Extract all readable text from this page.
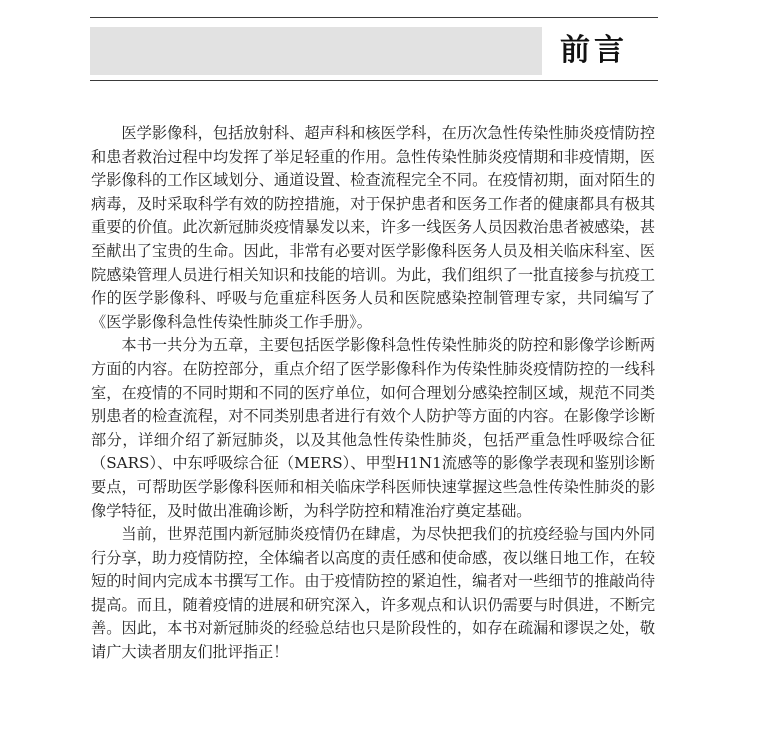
前言

医学影像科，包括放射科、超声科和核医学科，在历次急性传染性肺炎疫情防控和患者救治过程中均发挥了举足轻重的作用。急性传染性肺炎疫情期和非疫情期，医学影像科的工作区域划分、通道设置、检查流程完全不同。在疫情初期，面对陌生的病毒，及时采取科学有效的防控措施，对于保护患者和医务工作者的健康都具有极其重要的价值。此次新冠肺炎疫情暴发以来，许多一线医务人员因救治患者被感染，甚至献出了宝贵的生命。因此，非常有必要对医学影像科医务人员及相关临床科室、医院感染管理人员进行相关知识和技能的培训。为此，我们组织了一批直接参与抗疫工作的医学影像科、呼吸与危重症科医务人员和医院感染控制管理专家，共同编写了《医学影像科急性传染性肺炎工作手册》。

本书一共分为五章，主要包括医学影像科急性传染性肺炎的防控和影像学诊断两方面的内容。在防控部分，重点介绍了医学影像科作为传染性肺炎疫情防控的一线科室，在疫情的不同时期和不同的医疗单位，如何合理划分感染控制区域，规范不同类别患者的检查流程，对不同类别患者进行有效个人防护等方面的内容。在影像学诊断部分，详细介绍了新冠肺炎，以及其他急性传染性肺炎，包括严重急性呼吸综合征（SARS）、中东呼吸综合征（MERS）、甲型H1N1流感等的影像学表现和鉴别诊断要点，可帮助医学影像科医师和相关临床学科医师快速掌握这些急性传染性肺炎的影像学特征，及时做出准确诊断，为科学防控和精准治疗奠定基础。

当前，世界范围内新冠肺炎疫情仍在肆虐，为尽快把我们的抗疫经验与国内外同行分享，助力疫情防控，全体编者以高度的责任感和使命感，夜以继日地工作，在较短的时间内完成本书撰写工作。由于疫情防控的紧迫性，编者对一些细节的推敲尚待提高。而且，随着疫情的进展和研究深入，许多观点和认识仍需要与时俱进，不断完善。因此，本书对新冠肺炎的经验总结也只是阶段性的，如存在疏漏和谬误之处，敬请广大读者朋友们批评指正！
